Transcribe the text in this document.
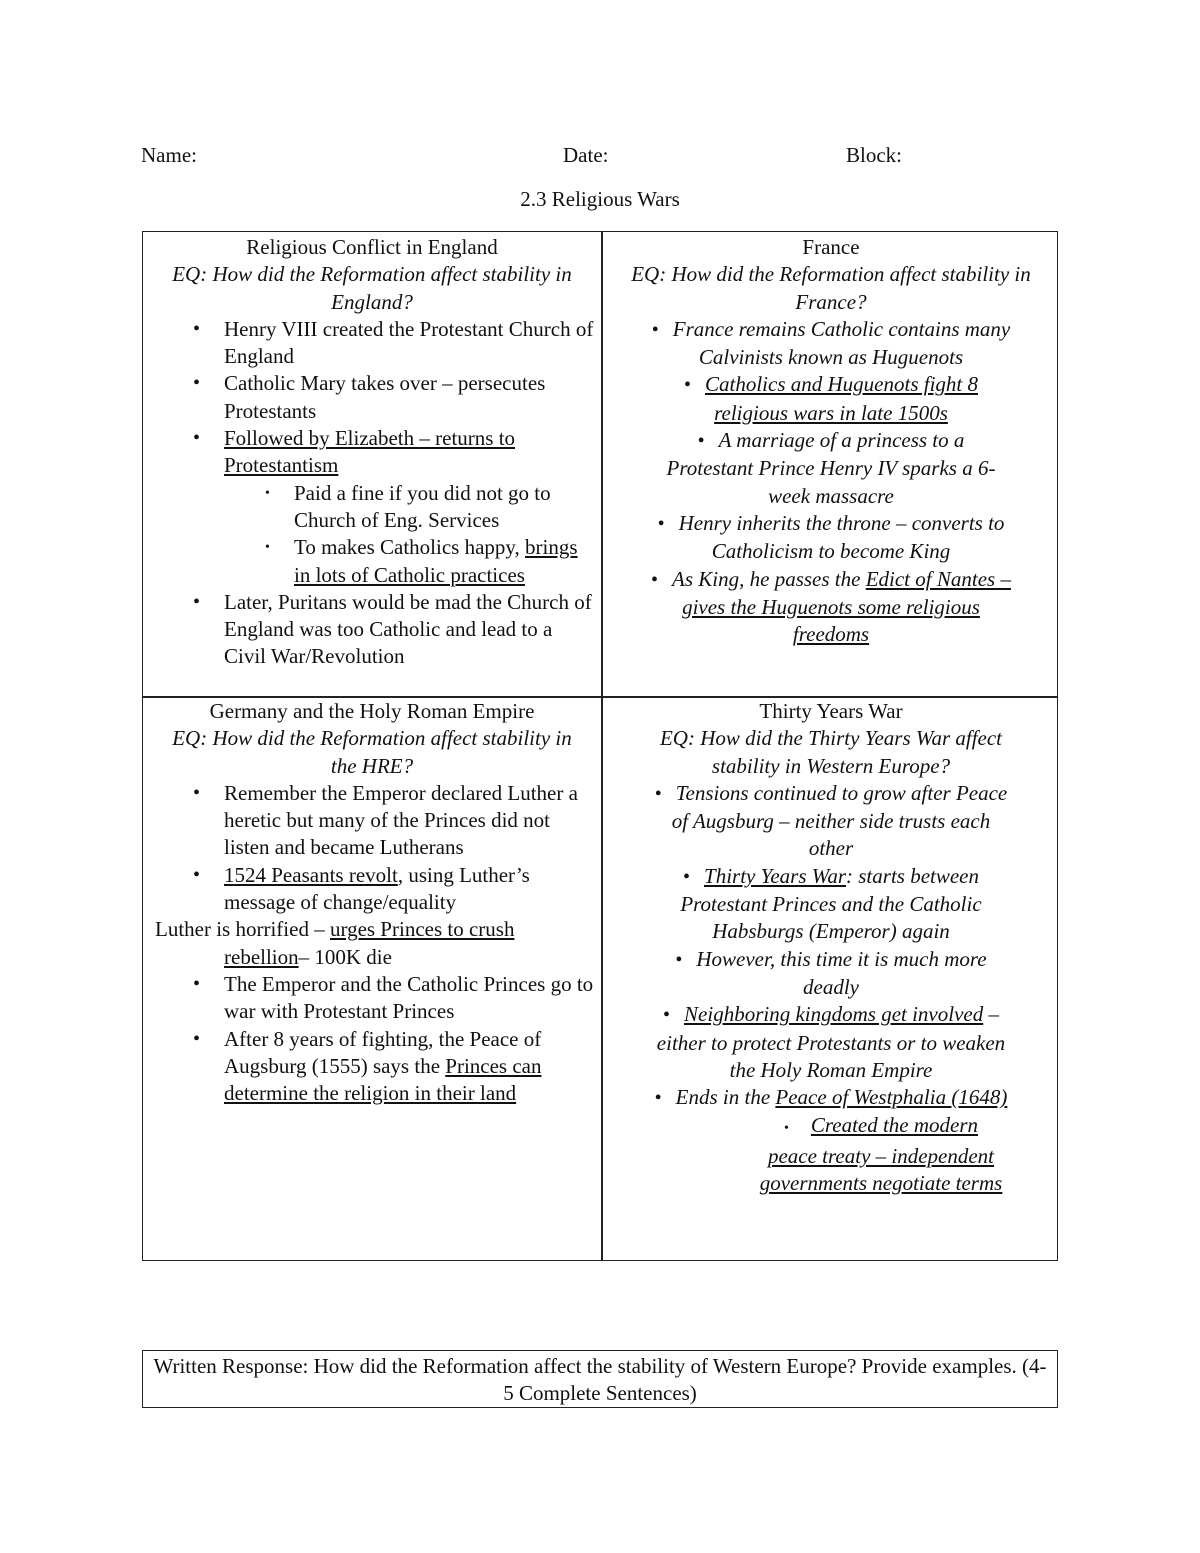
Name:	Date:	Block:
2.3 Religious Wars
Religious Conflict in England
EQ: How did the Reformation affect stability in England?
• Henry VIII created the Protestant Church of England
• Catholic Mary takes over – persecutes Protestants
• Followed by Elizabeth – returns to Protestantism
• Paid a fine if you did not go to Church of Eng. Services
• To makes Catholics happy, brings in lots of Catholic practices
• Later, Puritans would be mad the Church of England was too Catholic and lead to a Civil War/Revolution
France
EQ: How did the Reformation affect stability in France?
• France remains Catholic contains many Calvinists known as Huguenots
• Catholics and Huguenots fight 8 religious wars in late 1500s
• A marriage of a princess to a Protestant Prince Henry IV sparks a 6-week massacre
• Henry inherits the throne – converts to Catholicism to become King
• As King, he passes the Edict of Nantes – gives the Huguenots some religious freedoms
Germany and the Holy Roman Empire
EQ: How did the Reformation affect stability in the HRE?
• Remember the Emperor declared Luther a heretic but many of the Princes did not listen and became Lutherans
• 1524 Peasants revolt, using Luther’s message of change/equality
Luther is horrified – urges Princes to crush rebellion– 100K die
• The Emperor and the Catholic Princes go to war with Protestant Princes
• After 8 years of fighting, the Peace of Augsburg (1555) says the Princes can determine the religion in their land
Thirty Years War
EQ: How did the Thirty Years War affect stability in Western Europe?
• Tensions continued to grow after Peace of Augsburg – neither side trusts each other
• Thirty Years War: starts between Protestant Princes and the Catholic Habsburgs (Emperor) again
• However, this time it is much more deadly
• Neighboring kingdoms get involved – either to protect Protestants or to weaken the Holy Roman Empire
• Ends in the Peace of Westphalia (1648)
• Created the modern peace treaty – independent governments negotiate terms
Written Response: How did the Reformation affect the stability of Western Europe? Provide examples. (4-5 Complete Sentences)
